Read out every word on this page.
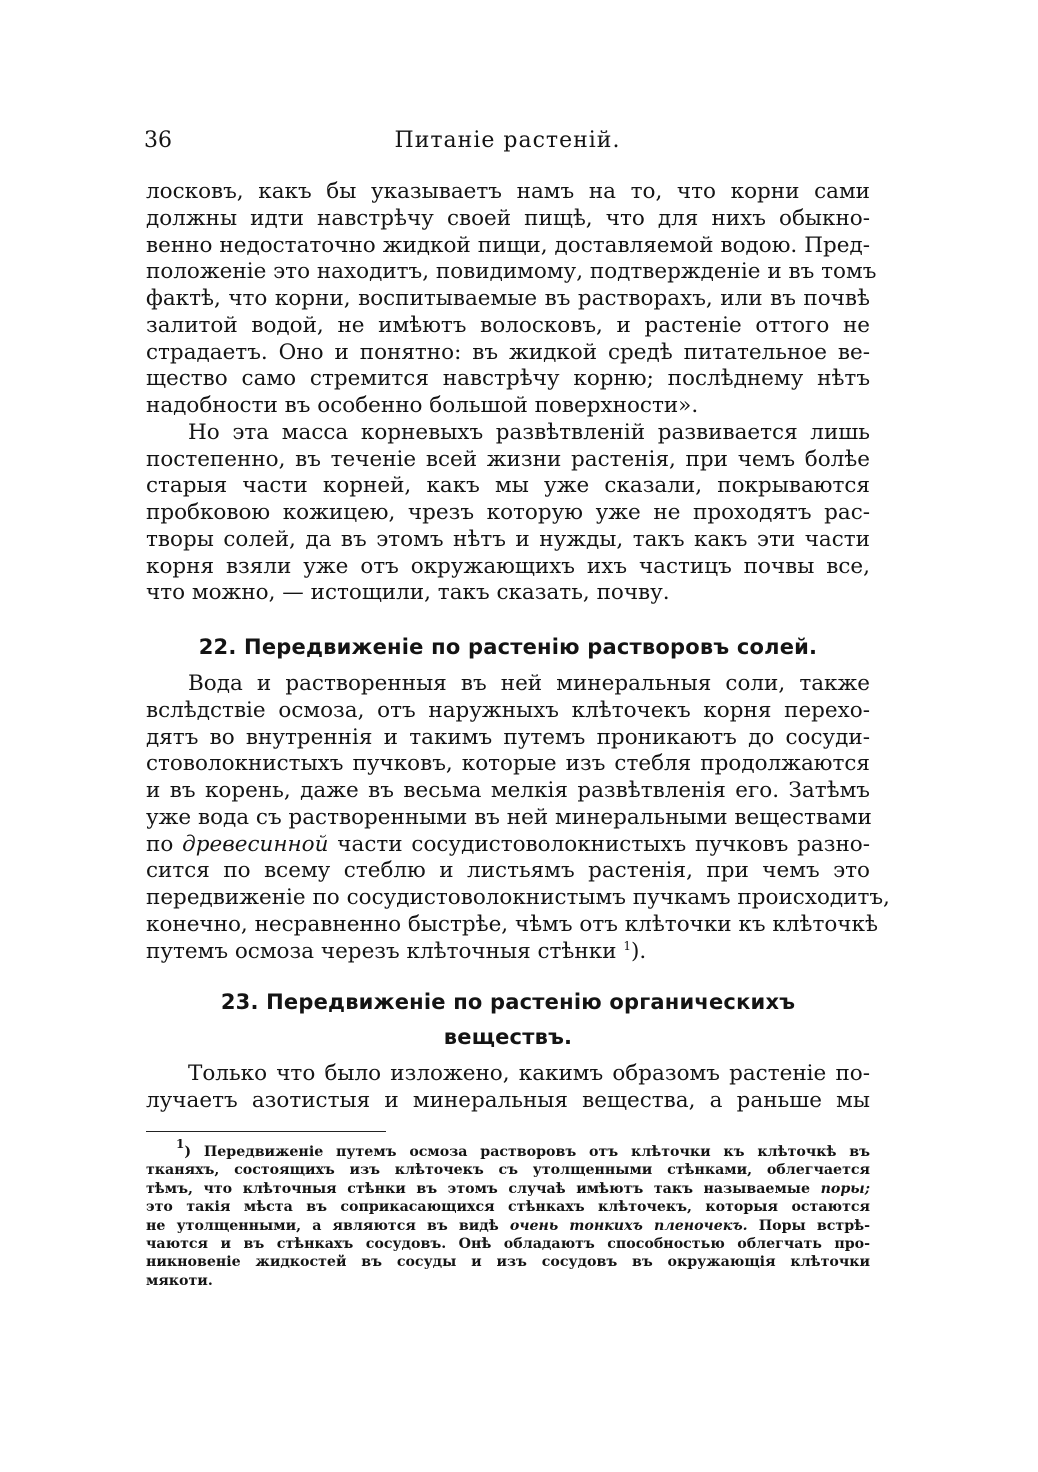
36	Питаніе растеній.
лосковъ, какъ бы указываетъ намъ на то, что корни сами
должны идти навстрѣчу своей пищѣ, что для нихъ обыкно-
венно недостаточно жидкой пищи, доставляемой водою. Пред-
положеніе это находитъ, повидимому, подтвержденіе и въ томъ
фактѣ, что корни, воспитываемые въ растворахъ, или въ почвѣ
залитой водой, не имѣютъ волосковъ, и растеніе оттого не
страдаетъ. Оно и понятно: въ жидкой средѣ питательное ве-
щество само стремится навстрѣчу корню; послѣднему нѣтъ
надобности въ особенно большой поверхности».
Но эта масса корневыхъ развѣтвленій развивается лишь
постепенно, въ теченіе всей жизни растенія, при чемъ болѣе
старыя части корней, какъ мы уже сказали, покрываются
пробковою кожицею, чрезъ которую уже не проходятъ рас-
творы солей, да въ этомъ нѣтъ и нужды, такъ какъ эти части
корня взяли уже отъ окружающихъ ихъ частицъ почвы все,
что можно, — истощили, такъ сказать, почву.
22. Передвиженіе по растенію растворовъ солей.
Вода и растворенныя въ ней минеральныя соли, также
вслѣдствіе осмоза, отъ наружныхъ клѣточекъ корня перехо-
дятъ во внутреннія и такимъ путемъ проникаютъ до сосуди-
стоволокнистыхъ пучковъ, которые изъ стебля продолжаются
и въ корень, даже въ весьма мелкія развѣтвленія его. Затѣмъ
уже вода съ растворенными въ ней минеральными веществами
по древесинной части сосудистоволокнистыхъ пучковъ разно-
сится по всему стеблю и листьямъ растенія, при чемъ это
передвиженіе по сосудистоволокнистымъ пучкамъ происходитъ,
конечно, несравненно быстрѣе, чѣмъ отъ клѣточки къ клѣточкѣ
путемъ осмоза черезъ клѣточныя стѣнки $^1$).
23. Передвиженіе по растенію органическихъ
веществъ.
Только что было изложено, какимъ образомъ растеніе по-
лучаетъ азотистыя и минеральныя вещества, а раньше мы
$^1$) Передвиженіе путемъ осмоза растворовъ отъ клѣточки къ клѣточкѣ въ
тканяхъ, состоящихъ изъ клѣточекъ съ утолщенными стѣнками, облегчается
тѣмъ, что клѣточныя стѣнки въ этомъ случаѣ имѣютъ такъ называемые поры;
это такія мѣста въ соприкасающихся стѣнкахъ клѣточекъ, которыя остаются
не утолщенными, а являются въ видѣ очень тонкихъ пленочекъ. Поры встрѣ-
чаются и въ стѣнкахъ сосудовъ. Онѣ обладаютъ способностью облегчать про-
никновеніе жидкостей въ сосуды и изъ сосудовъ въ окружающія клѣточки
мякоти.
